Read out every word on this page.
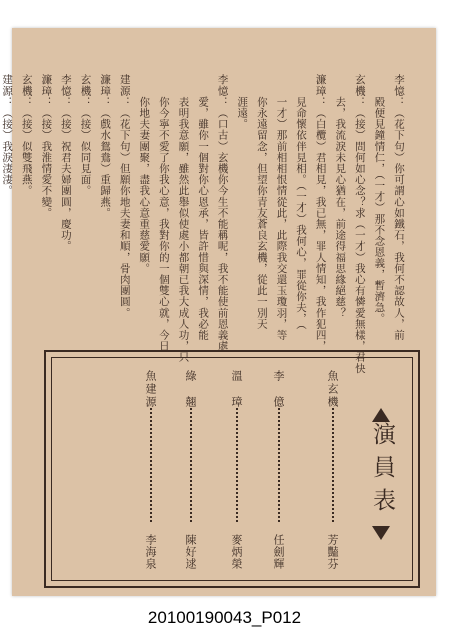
李憶：（花下句）你可謂心如鐵石，我何不認故人，前
　　殿便見鐘情仁，（一才）那不念恩義，暫濟急。
玄機：（接）問何如心念？求（一才）我心有憐愛無樣，君快
　　去，我流淚未見心猶在，前途得福思緣絕慈？
濂璋：（白欖）君相見，我已無，罪人情知，我作犯四，
　　見命懷依伴見相。（一才）我何心，罪從你夫，（
　　一才）那前相相恨情從此，此際我交還玉瓊羽，等
　　你永遠留念，但望你青友蒼良玄機，從此一別天
　　涯遠。
李憶：（口古）玄機你今生不能稱呢，我不能使前恩義處
　　愛，雖你一個對你心恩承，皆許惜與深情，我必能
　　表明我意願，雖然此舉似使處小都朝已我大成人功，只
　　你今寧不愛了你我心意，我對你的一個雙心就，今日
　　你地夫妻團聚，盡我心意重慈愛願。
建源：（花下句）但願你地夫妻和順，骨肉團圓。
濂璋：（戲水鴛鴦）重歸燕。
玄機：（接）似同見面。
李憶：（接）祝君夫婦團圓，慶功。
濂璋：（接）我淮情愛不變。
玄機：（接）似雙飛燕。
建源：（接）我淚淒淒。
演員表
魚玄機
芳豔芬
李　億
任劍輝
溫　璋
麥炳榮
綠　翹
陳好逑
魚建源
李海泉
20100190043_P012
